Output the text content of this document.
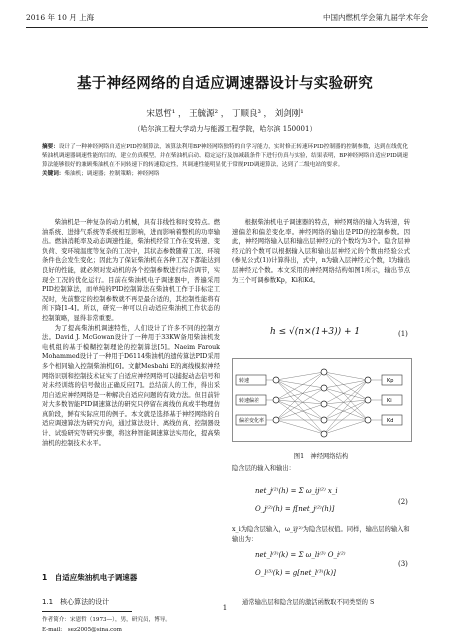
2016 年 10 月 上海	中国内燃机学会第九届学术年会
基于神经网络的自适应调速器设计与实验研究
宋恩哲¹ ， 王毓源² ， 丁顺良³ ， 刘剑刚¹
（哈尔滨工程大学动力与能源工程学院，哈尔滨 150001）
摘要：设计了一种神经网络自适应PID控制算法，该算法利用BP神经网络独特的自学习能力，实时修正转速环PID控制器的控制参数，达到在线优化柴油机调速器调速性能的目的，建立仿真模型，并在柴油机启动、稳定运行及加减载条件下进行仿真与实验，结果表明，BP神经网络自适应PID调速算法能够很好的兼顾柴油机在不同转速下的转速稳定性，其调速性能明显优于常规PID调速算法，达到了二级电站的要求。
关键词：柴油机；调速器；控制策略；神经网络

柴油机是一种复杂的动力机械，具有非线性和时变特点。燃油系统、进排气系统等系统相互影响，进而影响着整机的功率输出。燃油消耗率及动态调速性能，柴油机经常工作在变转速、变负荷、变环境温度等复杂的工况中，其状态参数随着工况、环境条件也会发生变化；因此为了保证柴油机在各种工况下都能达到良好的性能，就必须对发动机的各个控制参数进行综合调节，实现全工况的优化运行。目前在柴油机电子调速器中，普遍采用PID控制算法，而单纯的PID控制算法在柴油机工作于非标定工况时，先前整定的控制参数就不再是最合适的，其控制性能将有所下降[1-4]。所以，研究一种可以自动适应柴油机工作状态的控制策略，显得非常重要。

为了提高柴油机调速特性，人们设计了许多不同的控制方法。David J. McGowan设计了一种用于33KW备用柴油机发电机组的基于模糊控制理论的控制算法[5]。Naeim Farouk Mohammed设计了一种用于D6114柴油机的遗传算法PID采用多个相同输入控制柴油机[6]。文献Mesbahi E的离线模拟神经网络识别和控制技术证实了自适应神经网络可以捕捉动态信号和对未经训练的信号做出正确反应[7]。总结前人的工作，得出采用自适应神经网络是一种解决自适应问题的有效方法。但目前针对大多数智能PID调速算法的研究只停留在离线仿真或半物理仿真阶段，鲜有实际应用的例子。本文就是选择基于神经网络的自适应调速算法为研究方向，通过算法设计、离线仿真、控制器设计、试验研究等研究步骤，将这种智能调速算法实用化，提高柴油机的控制技术水平。

1　自适应柴油机电子调速器
1.1　核心算法的设计
作者简介：宋恩哲（1973—），男，研究员，博导。
E-mail:　sez2005@sina.com
1

根据柴油机电子调速器的特点，神经网络的输入为转速，转速偏差和偏差变化率。神经网络的输出是PID的控制参数。因此，神经网络输入层和输出层神经元的个数均为3个。隐含层神经元的个数可以根据输入层和输出层神经元的个数由经验公式(参见公式(1))计算得出，式中，n为输入层神经元个数，l为输出层神经元个数。本文采用的神经网络结构如图1所示，输出节点为三个可调参数Kp，Ki和Kd。

h ≤ √(n×(1+3)) + 1	(1)
转速
转速偏差
偏差变化率
Kp
Ki
Kd
图1　神经网络结构
隐含层的输入和输出：
net_j⁽²⁾(h) = Σ ω_ij⁽²⁾ x_i
O_j⁽²⁾(h) = f[net_j⁽²⁾(h)]
(2)
x_i为隐含层输入，ω_ij⁽²⁾为隐含层权值。同样，输出层的输入和输出为：
net_l⁽³⁾(k) = Σ ω_li⁽³⁾ O_i⁽²⁾
O_l⁽³⁾(k) = g[net_l⁽³⁾(k)]
(3)
通常输出层和隐含层的激活函数取不同类型的 S
